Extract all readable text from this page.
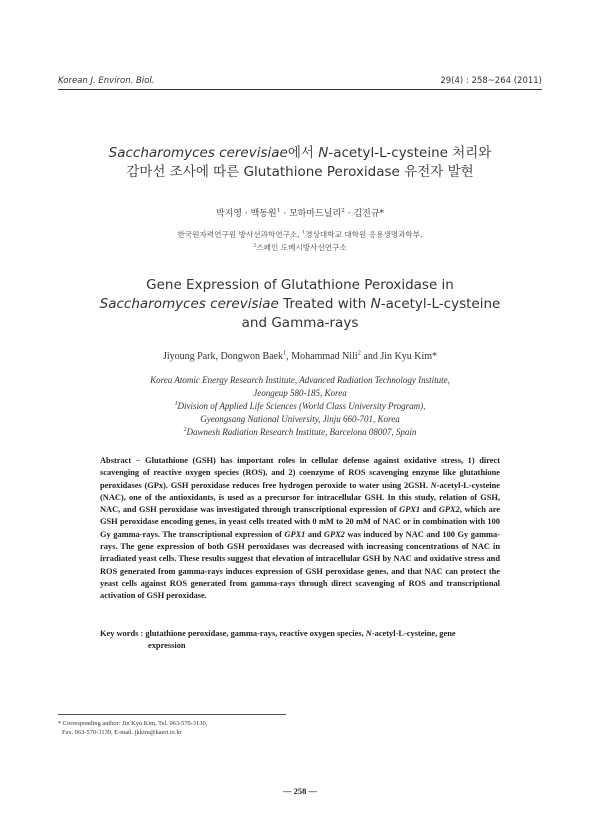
Korean J. Environ. Biol.	29(4) : 258~264 (2011)
Saccharomyces cerevisiae에서 N-acetyl-L-cysteine 처리와
감마선 조사에 따른 Glutathione Peroxidase 유전자 발현
박지영 · 백동원$^1$ · 모하마드닐리$^2$ · 김진규*
한국원자력연구원 방사선과학연구소, $^1$경상대학교 대학원 응용생명과학부,
$^2$스페인 도베시방사선연구소
Gene Expression of Glutathione Peroxidase in
Saccharomyces cerevisiae Treated with N-acetyl-L-cysteine
and Gamma-rays
Jiyoung Park, Dongwon Baek$^1$, Mohammad Nili$^2$ and Jin Kyu Kim*
Korea Atomic Energy Research Institute, Advanced Radiation Technology Institute,
Jeongeup 580-185, Korea
$^1$Division of Applied Life Sciences (World Class University Program),
Gyeongsang National University, Jinju 660-701, Korea
$^2$Dawnesh Radiation Research Institute, Barcelona 08007, Spain
Abstract − Glutathione (GSH) has important roles in cellular defense against oxidative stress, 1) direct scavenging of reactive oxygen species (ROS), and 2) coenzyme of ROS scavenging enzyme like glutathione peroxidases (GPx). GSH peroxidase reduces free hydrogen peroxide to water using 2GSH. N-acetyl-L-cysteine (NAC), one of the antioxidants, is used as a precursor for intracellular GSH. In this study, relation of GSH, NAC, and GSH peroxidase was investigated through transcriptional expression of GPX1 and GPX2, which are GSH peroxidase encoding genes, in yeast cells treated with 0 mM to 20 mM of NAC or in combination with 100 Gy gamma-rays. The transcriptional expression of GPX1 and GPX2 was induced by NAC and 100 Gy gamma-rays. The gene expression of both GSH peroxidases was decreased with increasing concentrations of NAC in irradiated yeast cells. These results suggest that elevation of intracellular GSH by NAC and oxidative stress and ROS generated from gamma-rays induces expression of GSH peroxidase genes, and that NAC can protect the yeast cells against ROS generated from gamma-rays through direct scavenging of ROS and transcriptional activation of GSH peroxidase.
Key words : glutathione peroxidase, gamma-rays, reactive oxygen species, N-acetyl-L-cysteine, gene
expression
* Corresponding author: Jin Kyu Kim, Tel. 063-570-3130,
Fax. 063-570-3139, E-mail. jkkim@kaeri.re.kr
— 258 —
